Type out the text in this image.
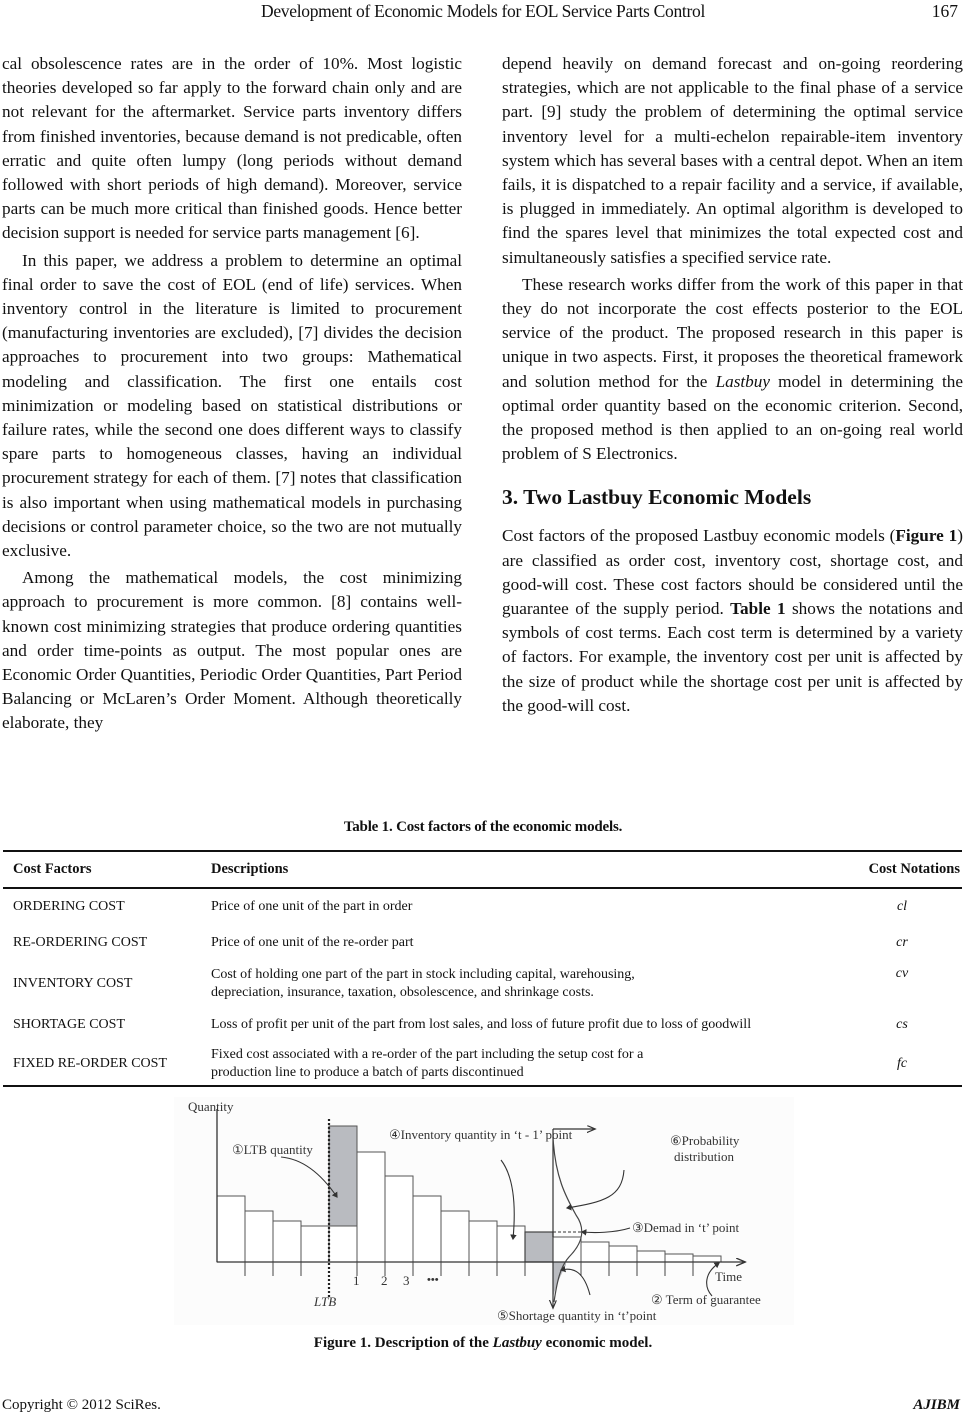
Development of Economic Models for EOL Service Parts Control	167

cal obsolescence rates are in the order of 10%. Most logistic theories developed so far apply to the forward chain only and are not relevant for the aftermarket. Service parts inventory differs from finished inventories, because demand is not predicable, often erratic and quite often lumpy (long periods without demand followed with short periods of high demand). Moreover, service parts can be much more critical than finished goods. Hence better decision support is needed for service parts management [6].

In this paper, we address a problem to determine an optimal final order to save the cost of EOL (end of life) services. When inventory control in the literature is limited to procurement (manufacturing inventories are excluded), [7] divides the decision approaches to procurement into two groups: Mathematical modeling and classification. The first one entails cost minimization or modeling based on statistical distributions or failure rates, while the second one does different ways to classify spare parts to homogeneous classes, having an individual procurement strategy for each of them. [7] notes that classification is also important when using mathematical models in purchasing decisions or control parameter choice, so the two are not mutually exclusive.

Among the mathematical models, the cost minimizing approach to procurement is more common. [8] contains well-known cost minimizing strategies that produce ordering quantities and order time-points as output. The most popular ones are Economic Order Quantities, Periodic Order Quantities, Part Period Balancing or McLaren’s Order Moment. Although theoretically elaborate, they

depend heavily on demand forecast and on-going reordering strategies, which are not applicable to the final phase of a service part. [9] study the problem of determining the optimal service inventory level for a multi-echelon repairable-item inventory system which has several bases with a central depot. When an item fails, it is dispatched to a repair facility and a service, if available, is plugged in immediately. An optimal algorithm is developed to find the spares level that minimizes the total expected cost and simultaneously satisfies a specified service rate.

These research works differ from the work of this paper in that they do not incorporate the cost effects posterior to the EOL service of the product. The proposed research in this paper is unique in two aspects. First, it proposes the theoretical framework and solution method for the Lastbuy model in determining the optimal order quantity based on the economic criterion. Second, the proposed method is then applied to an on-going real world problem of S Electronics.

3. Two Lastbuy Economic Models

Cost factors of the proposed Lastbuy economic models (Figure 1) are classified as order cost, inventory cost, shortage cost, and good-will cost. These cost factors should be considered until the guarantee of the supply period. Table 1 shows the notations and symbols of cost terms. Each cost term is determined by a variety of factors. For example, the inventory cost per unit is affected by the size of product while the shortage cost per unit is affected by the good-will cost.

Table 1. Cost factors of the economic models.
Cost Factors	Descriptions	Cost Notations
ORDERING COST	Price of one unit of the part in order	cl
RE-ORDERING COST	Price of one unit of the re-order part	cr
INVENTORY COST	Cost of holding one part of the part in stock including capital, warehousing,
depreciation, insurance, taxation, obsolescence, and shrinkage costs.	cv
SHORTAGE COST	Loss of profit per unit of the part from lost sales, and loss of future profit due to loss of goodwill	cs
FIXED RE-ORDER COST	Fixed cost associated with a re-order of the part including the setup cost for a
production line to produce a batch of parts discontinued	fc
Quantity
①LTB quantity
④Inventory quantity in ‘t - 1’ point	⑥Probability
distribution
③Demad in ‘t’ point
Time
1 2 3 •••
LTB	② Term of guarantee
⑤Shortage quantity in ‘t’point
Figure 1. Description of the Lastbuy economic model.
Copyright © 2012 SciRes.	AJIBM
